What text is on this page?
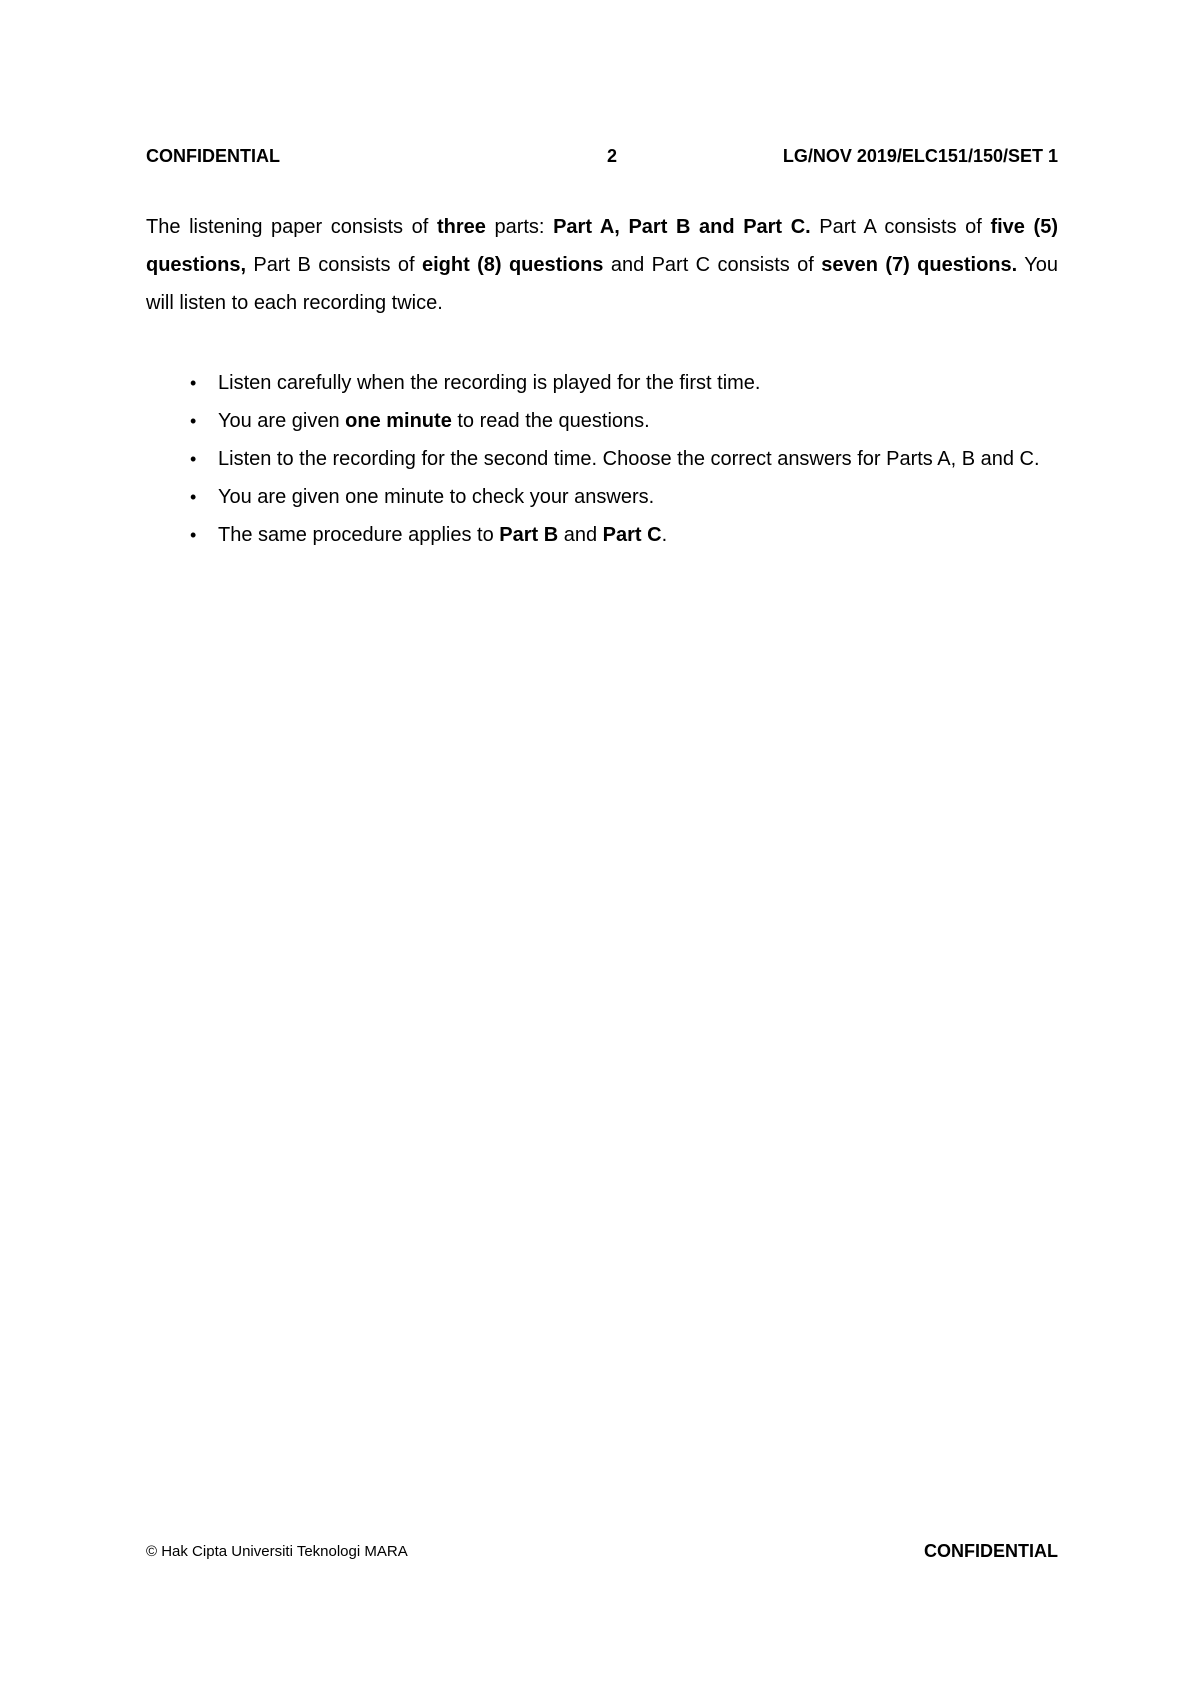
CONFIDENTIAL	2	LG/NOV 2019/ELC151/150/SET 1

The listening paper consists of three parts: Part A, Part B and Part C. Part A consists of five (5) questions, Part B consists of eight (8) questions and Part C consists of seven (7) questions. You will listen to each recording twice.

• Listen carefully when the recording is played for the first time.
• You are given one minute to read the questions.
• Listen to the recording for the second time. Choose the correct answers for Parts A, B and C.
• You are given one minute to check your answers.
• The same procedure applies to Part B and Part C.
© Hak Cipta Universiti Teknologi MARA	CONFIDENTIAL
